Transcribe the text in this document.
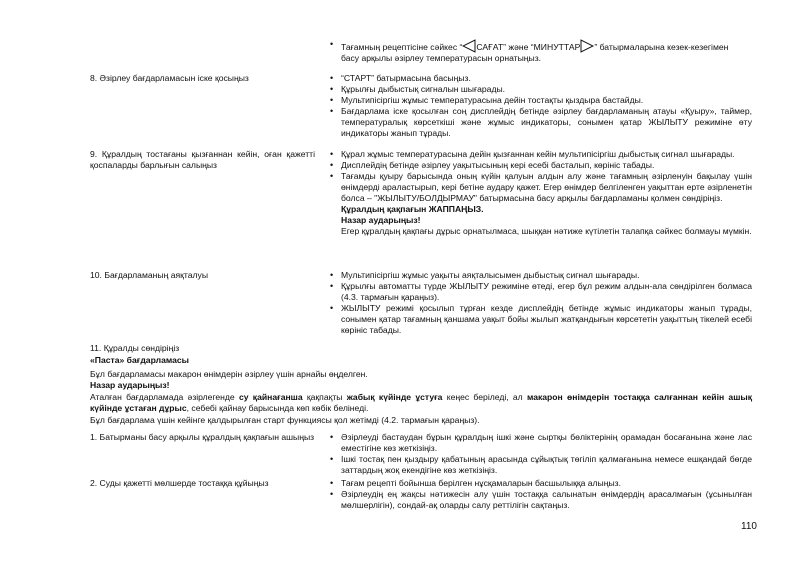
• Тағамның рецептісіне сәйкес “ САҒАТ” және “МИНУТТАР ” батырмаларына кезек-кезегімен
басу арқылы әзірлеу температурасын орнатыңыз.
8. Әзірлеу бағдарламасын іске қосыңыз	• “СТАРТ” батырмасына басыңыз.
• Құрылғы дыбыстық сигналын шығарады.
• Мультипісіргіш жұмыс температурасына дейін тостақты қыздыра бастайды.
• Бағдарлама іске қосылған соң дисплейдің бетінде әзірлеу бағдарламаның атауы «Қуыру», таймер, температуралық көрсеткіші және жұмыс индикаторы, сонымен қатар ЖЫЛЫТУ режиміне өту индикаторы жанып тұрады.
9. Құралдың тостағаны қызғаннан кейін, оған қажетті қоспаларды барлығын салыңыз
• Құрал жұмыс температурасына дейін қызғаннан кейін мультипісіргіш дыбыстық сигнал шығарады.
• Дисплейдің бетінде әзірлеу уақытысының кері есебі басталып, көрініс табады.
• Тағамды қуыру барысында оның күйін қалуын алдын алу және тағамның әзірленуін бақылау үшін өнімдерді араластырып, кері бетіне аудару қажет. Егер өнімдер белгіленген уақыттан ерте әзірленетін болса – "ЖЫЛЫТУ/БОЛДЫРМАУ" батырмасына басу арқылы бағдарламаны қолмен сөндіріңіз.
Құралдың қақпағын ЖАППАҢЫЗ.
Назар аударыңыз!
Егер құралдың қақпағы дұрыс орнатылмаса, шыққан нәтиже күтілетін талапқа сәйкес болмауы мүмкін.
10. Бағдарламаның аяқталуы	• Мультипісіргіш жұмыс уақыты аяқталысымен дыбыстық сигнал шығарады.
• Құрылғы автоматты түрде ЖЫЛЫТУ режиміне өтеді, егер бұл режим алдын-ала сөндірілген болмаса (4.3. тармағын қараңыз).
• ЖЫЛЫТУ режимі қосылып тұрған кезде дисплейдің бетінде жұмыс индикаторы жанып тұрады, сонымен қатар тағамның қаншама уақыт бойы жылып жатқандығын көрсететін уақыттың тікелей есебі көрініс табады.
11. Құралды сөндіріңіз
«Паста» бағдарламасы
Бұл бағдарламасы макарон өнімдерін әзірлеу үшін арнайы өңделген.
Назар аударыңыз!
Аталған бағдарламада әзірлегенде су қайнағанша қақпақты жабық күйінде ұстуға кеңес беріледі, ал макарон өнімдерін тостаққа салғаннан кейін ашық күйінде ұстаған дұрыс, себебі қайнау барысында көп көбік белінеді.
Бұл бағдарлама үшін кейінге қалдырылған старт функциясы қол жетімді (4.2. тармағын қараңыз).
1. Батырманы басу арқылы құралдың қақпағын ашыңыз	• Әзірлеуді бастаудан бұрын құралдың ішкі және сыртқы бөліктерінің орамадан босағанына және лас еместігіне көз жеткізіңіз.
• Ішкі тостақ пен қыздыру қабатының арасында сұйықтық төгіліп қалмағанына немесе ешқандай бөгде заттардың жоқ екендігіне көз жеткізіңіз.
2. Суды қажетті мөлшерде тостаққа құйыңыз	• Тағам рецепті бойынша берілген нұсқамаларын басшылыққа алыңыз.
• Әзірлеудің ең жақсы нәтижесін алу үшін тостаққа салынатын өнімдердің арасалмағын (ұсынылған мөлшерлігін), сондай-ақ оларды салу реттілігін сақтаңыз.
110
